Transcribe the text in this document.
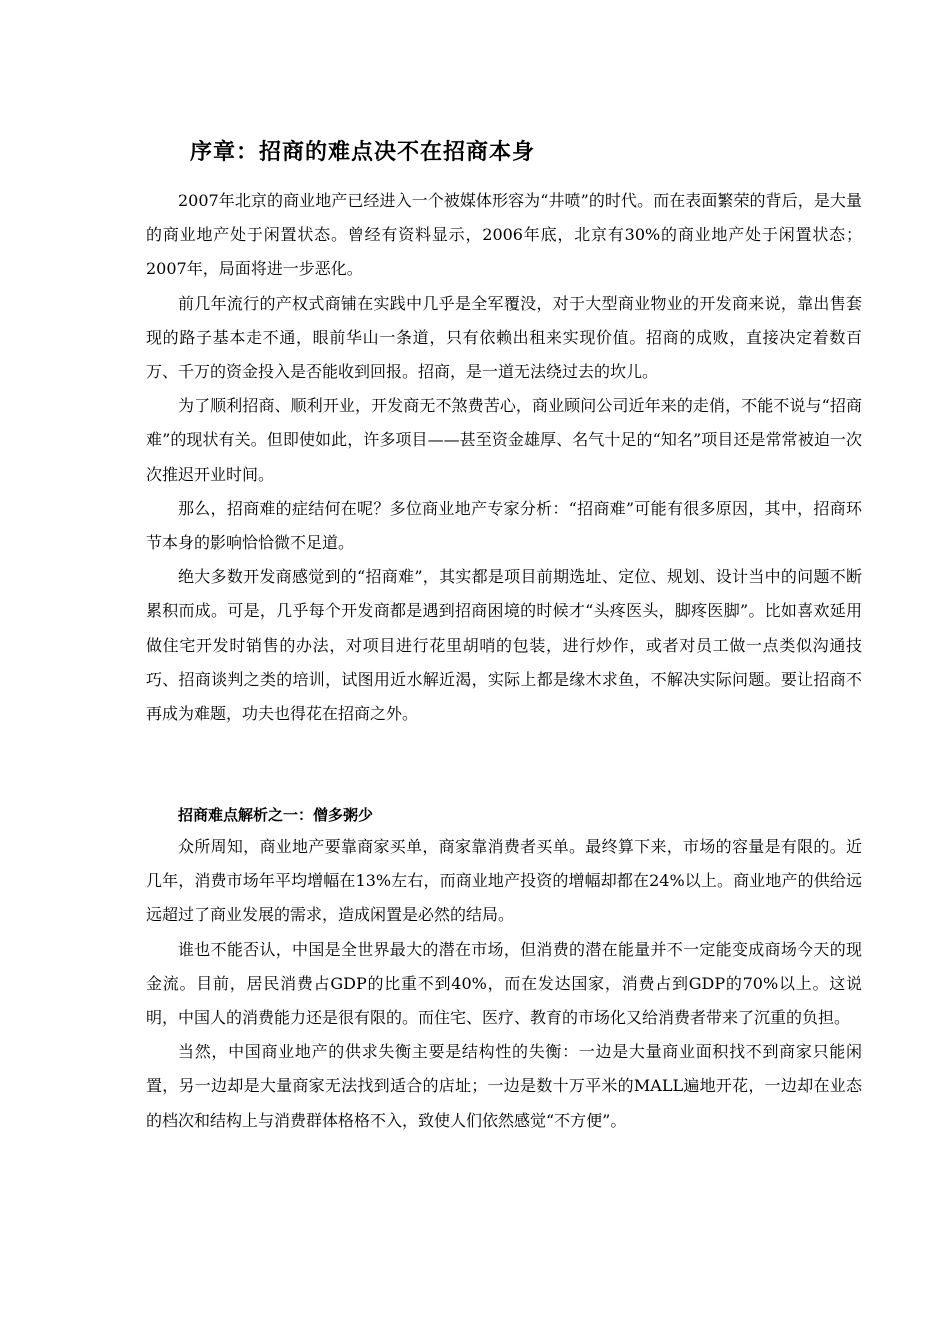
序章：招商的难点决不在招商本身

2007年北京的商业地产已经进入一个被媒体形容为“井喷”的时代。而在表面繁荣的背后，是大量的商业地产处于闲置状态。曾经有资料显示，2006年底，北京有30%的商业地产处于闲置状态；2007年，局面将进一步恶化。

前几年流行的产权式商铺在实践中几乎是全军覆没，对于大型商业物业的开发商来说，靠出售套现的路子基本走不通，眼前华山一条道，只有依赖出租来实现价值。招商的成败，直接决定着数百万、千万的资金投入是否能收到回报。招商，是一道无法绕过去的坎儿。

为了顺利招商、顺利开业，开发商无不煞费苦心，商业顾问公司近年来的走俏，不能不说与“招商难”的现状有关。但即使如此，许多项目——甚至资金雄厚、名气十足的“知名”项目还是常常被迫一次次推迟开业时间。

那么，招商难的症结何在呢？多位商业地产专家分析：“招商难”可能有很多原因，其中，招商环节本身的影响恰恰微不足道。

绝大多数开发商感觉到的“招商难”，其实都是项目前期选址、定位、规划、设计当中的问题不断累积而成。可是，几乎每个开发商都是遇到招商困境的时候才“头疼医头，脚疼医脚”。比如喜欢延用做住宅开发时销售的办法，对项目进行花里胡哨的包装，进行炒作，或者对员工做一点类似沟通技巧、招商谈判之类的培训，试图用近水解近渴，实际上都是缘木求鱼，不解决实际问题。要让招商不再成为难题，功夫也得花在招商之外。

招商难点解析之一：僧多粥少

众所周知，商业地产要靠商家买单，商家靠消费者买单。最终算下来，市场的容量是有限的。近几年，消费市场年平均增幅在13%左右，而商业地产投资的增幅却都在24%以上。商业地产的供给远远超过了商业发展的需求，造成闲置是必然的结局。

谁也不能否认，中国是全世界最大的潜在市场，但消费的潜在能量并不一定能变成商场今天的现金流。目前，居民消费占GDP的比重不到40%，而在发达国家，消费占到GDP的70%以上。这说明，中国人的消费能力还是很有限的。而住宅、医疗、教育的市场化又给消费者带来了沉重的负担。

当然，中国商业地产的供求失衡主要是结构性的失衡：一边是大量商业面积找不到商家只能闲置，另一边却是大量商家无法找到适合的店址；一边是数十万平米的MALL遍地开花，一边却在业态的档次和结构上与消费群体格格不入，致使人们依然感觉“不方便”。
